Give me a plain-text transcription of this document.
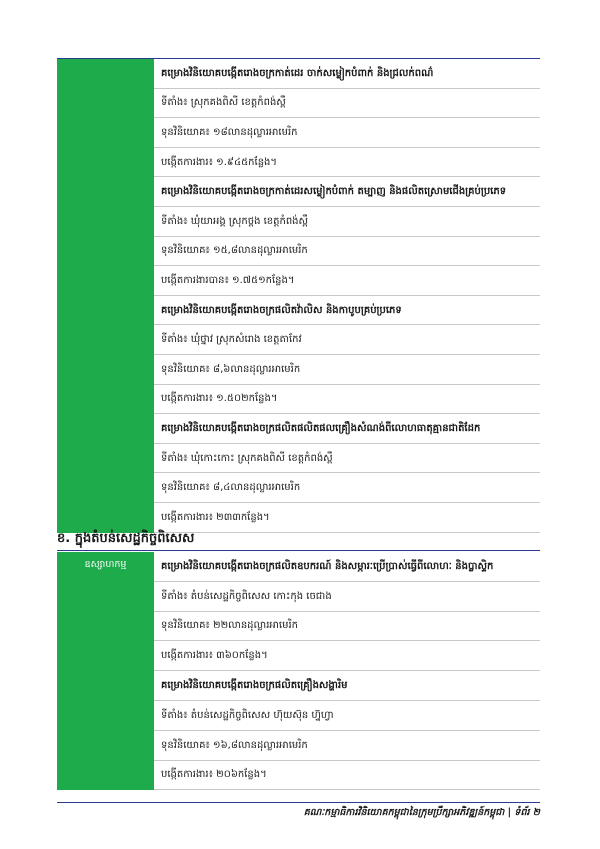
គម្រោងវិនិយោគបង្កើតរោងចក្រកាត់ដេរ ចាក់សម្លៀកបំពាក់ និងជ្រលក់ពណ៌
ទីតាំង៖ ស្រុកគងពិសី ខេត្តកំពង់ស្ពឺ
ទុនវិនិយោគ៖ ១៨លានដុល្លារអាមេរិក
បង្កើតការងារ៖ ១.៩៤៥កន្លែង។
គម្រោងវិនិយោគបង្កើតរោងចក្រកាត់ដេរសម្លៀកបំពាក់ តម្បាញ និងផលិតស្រោមជើងគ្រប់ប្រភេទ
ទីតាំង៖ ឃុំយាអង្គ ស្រុកថ្ពង ខេត្តកំពង់ស្ពឺ
ទុនវិនិយោគ៖ ១៥,៨លានដុល្លារអាមេរិក
បង្កើតការងារបាន៖ ១.៧៥១កន្លែង។
គម្រោងវិនិយោគបង្កើតរោងចក្រផលិតវ៉ាលិស និងកាបូបគ្រប់ប្រភេទ
ទីតាំង៖ ឃុំថ្នាវ ស្រុកសំរោង ខេត្តតាកែវ
ទុនវិនិយោគ៖ ៨,៦លានដុល្លារអាមេរិក
បង្កើតការងារ៖ ១.៥០២កន្លែង។
គម្រោងវិនិយោគបង្កើតរោងចក្រផលិតផលិតផលគ្រឿងសំណង់ពីលោហធាតុគ្មានជាតិដែក
ទីតាំង៖ ឃុំកោះកោះ ស្រុកគងពិសី ខេត្តកំពង់ស្ពឺ
ទុនវិនិយោគ៖ ៨,៤លានដុល្លារអាមេរិក
បង្កើតការងារ៖ ២៣៣កន្លែង។
ខ. ក្នុងតំបន់សេដ្ឋកិច្ចពិសេស
ឧស្សាហកម្ម	គម្រោងវិនិយោគបង្កើតរោងចក្រផលិតឧបករណ៍ និងសម្ភារៈប្រើប្រាស់ធ្វើពីលោហៈ និងប្លាស្ទិក
ទីតាំង៖ តំបន់សេដ្ឋកិច្ចពិសេស កោះកុង ចេជាង
ទុនវិនិយោគ៖ ២២លានដុល្លារអាមេរិក
បង្កើតការងារ៖ ៣៦០កន្លែង។
គម្រោងវិនិយោគបង្កើតរោងចក្រផលិតគ្រឿងសង្ហារិម
ទីតាំង៖ តំបន់សេដ្ឋកិច្ចពិសេស ហ៊ុយស៊ុន ហ្វ៊ុហ្វា
ទុនវិនិយោគ៖ ១៦,៨លានដុល្លារអាមេរិក
បង្កើតការងារ៖ ២០៦កន្លែង។
គណៈកម្មាធិការវិនិយោគកម្ពុជានៃក្រុមប្រឹក្សាអភិវឌ្ឍន៍កម្ពុជា | ទំព័រ ២
